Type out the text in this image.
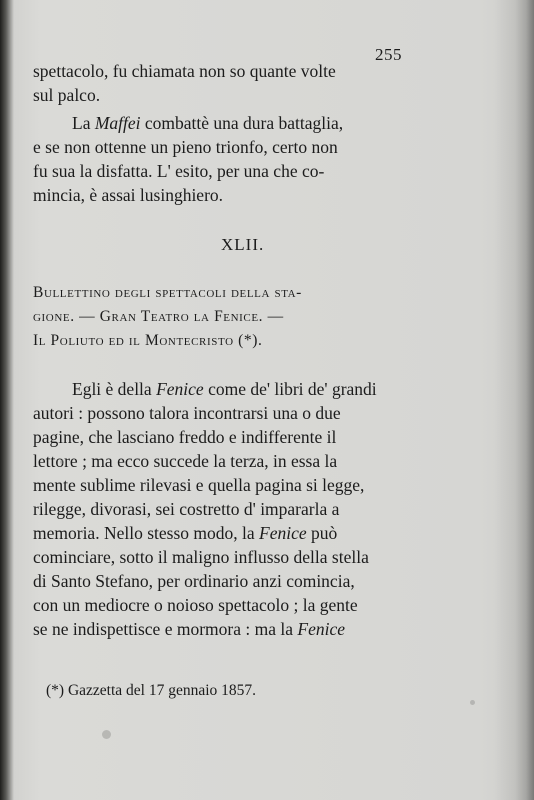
255
spettacolo, fu chiamata non so quante volte
sul palco.
La Maffei combattè una dura battaglia,
e se non ottenne un pieno trionfo, certo non
fu sua la disfatta. L' esito, per una che co-
mincia, è assai lusinghiero.
XLII.
Bullettino degli spettacoli della sta-
gione. — Gran Teatro la Fenice. —
Il Poliuto ed il Montecristo (*).
Egli è della Fenice come de' libri de' grandi
autori : possono talora incontrarsi una o due
pagine, che lasciano freddo e indifferente il
lettore ; ma ecco succede la terza, in essa la
mente sublime rilevasi e quella pagina si legge,
rilegge, divorasi, sei costretto d' impararla a
memoria. Nello stesso modo, la Fenice può
cominciare, sotto il maligno influsso della stella
di Santo Stefano, per ordinario anzi comincia,
con un mediocre o noioso spettacolo ; la gente
se ne indispettisce e mormora : ma la Fenice
(*) Gazzetta del 17 gennaio 1857.
